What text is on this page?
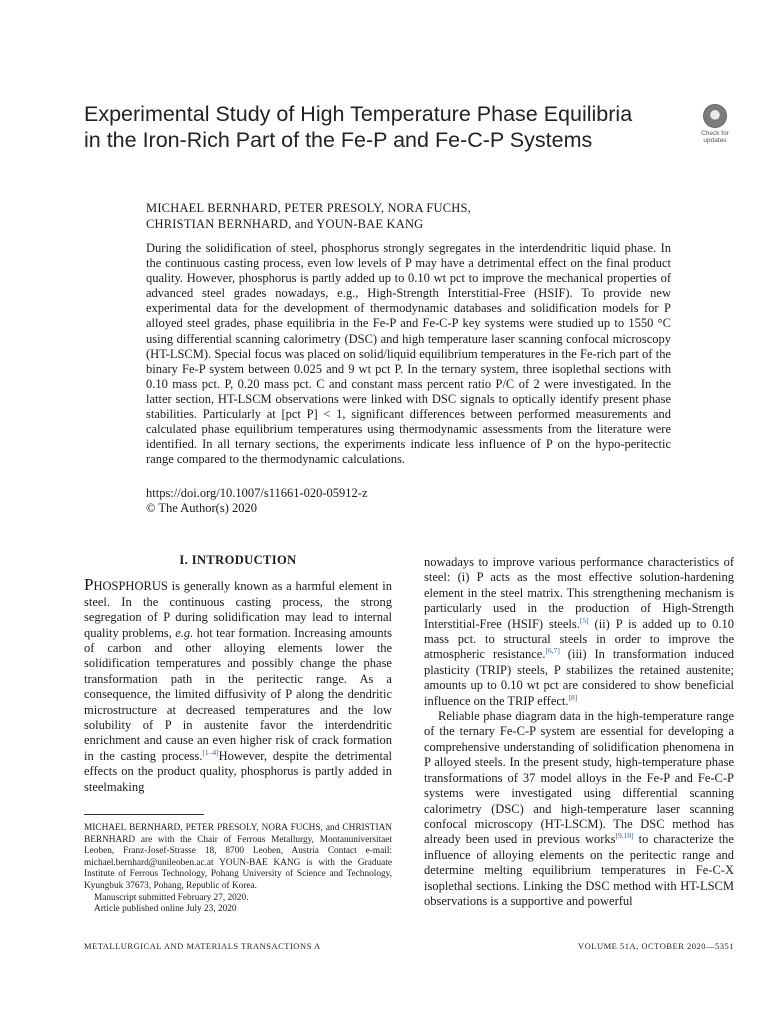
Experimental Study of High Temperature Phase Equilibria in the Iron-Rich Part of the Fe-P and Fe-C-P Systems	Check for
updates
MICHAEL BERNHARD, PETER PRESOLY, NORA FUCHS,
CHRISTIAN BERNHARD, and YOUN-BAE KANG
During the solidification of steel, phosphorus strongly segregates in the interdendritic liquid phase. In the continuous casting process, even low levels of P may have a detrimental effect on the final product quality. However, phosphorus is partly added up to 0.10 wt pct to improve the mechanical properties of advanced steel grades nowadays, e.g., High-Strength Interstitial-Free (HSIF). To provide new experimental data for the development of thermodynamic databases and solidification models for P alloyed steel grades, phase equilibria in the Fe-P and Fe-C-P key systems were studied up to 1550 °C using differential scanning calorimetry (DSC) and high temperature laser scanning confocal microscopy (HT-LSCM). Special focus was placed on solid/liquid equilibrium temperatures in the Fe-rich part of the binary Fe-P system between 0.025 and 9 wt pct P. In the ternary system, three isoplethal sections with 0.10 mass pct. P, 0.20 mass pct. C and constant mass percent ratio P/C of 2 were investigated. In the latter section, HT-LSCM observations were linked with DSC signals to optically identify present phase stabilities. Particularly at [pct P] < 1, significant differences between performed measurements and calculated phase equilibrium temperatures using thermodynamic assessments from the literature were identified. In all ternary sections, the experiments indicate less influence of P on the hypo-peritectic range compared to the thermodynamic calculations.
https://doi.org/10.1007/s11661-020-05912-z
© The Author(s) 2020
I. INTRODUCTION

PHOSPHORUS is generally known as a harmful element in steel. In the continuous casting process, the strong segregation of P during solidification may lead to internal quality problems, e.g. hot tear formation. Increasing amounts of carbon and other alloying elements lower the solidification temperatures and possibly change the phase transformation path in the peritectic range. As a consequence, the limited diffusivity of P along the dendritic microstructure at decreased temperatures and the low solubility of P in austenite favor the interdendritic enrichment and cause an even higher risk of crack formation in the casting process.[1–4]However, despite the detrimental effects on the product quality, phosphorus is partly added in steelmaking

nowadays to improve various performance characteristics of steel: (i) P acts as the most effective solution-hardening element in the steel matrix. This strengthening mechanism is particularly used in the production of High-Strength Interstitial-Free (HSIF) steels.[5] (ii) P is added up to 0.10 mass pct. to structural steels in order to improve the atmospheric resistance.[6,7] (iii) In transformation induced plasticity (TRIP) steels, P stabilizes the retained austenite; amounts up to 0.10 wt pct are considered to show beneficial influence on the TRIP effect.[8]

Reliable phase diagram data in the high-temperature range of the ternary Fe-C-P system are essential for developing a comprehensive understanding of solidification phenomena in P alloyed steels. In the present study, high-temperature phase transformations of 37 model alloys in the Fe-P and Fe-C-P systems were investigated using differential scanning calorimetry (DSC) and high-temperature laser scanning confocal microscopy (HT-LSCM). The DSC method has already been used in previous works[9,10] to characterize the influence of alloying elements on the peritectic range and determine melting equilibrium temperatures in Fe-C-X isoplethal sections. Linking the DSC method with HT-LSCM observations is a supportive and powerful

MICHAEL BERNHARD, PETER PRESOLY, NORA FUCHS, and CHRISTIAN BERNHARD are with the Chair of Ferrous Metallurgy, Montanuniversitaet Leoben, Franz-Josef-Strasse 18, 8700 Leoben, Austria Contact e-mail: michael.bernhard@unileoben.ac.at YOUN-BAE KANG is with the Graduate Institute of Ferrous Technology, Pohang University of Science and Technology, Kyungbuk 37673, Pohang, Republic of Korea.
Manuscript submitted February 27, 2020.
Article published online July 23, 2020
METALLURGICAL AND MATERIALS TRANSACTIONS A	VOLUME 51A, OCTOBER 2020—5351
